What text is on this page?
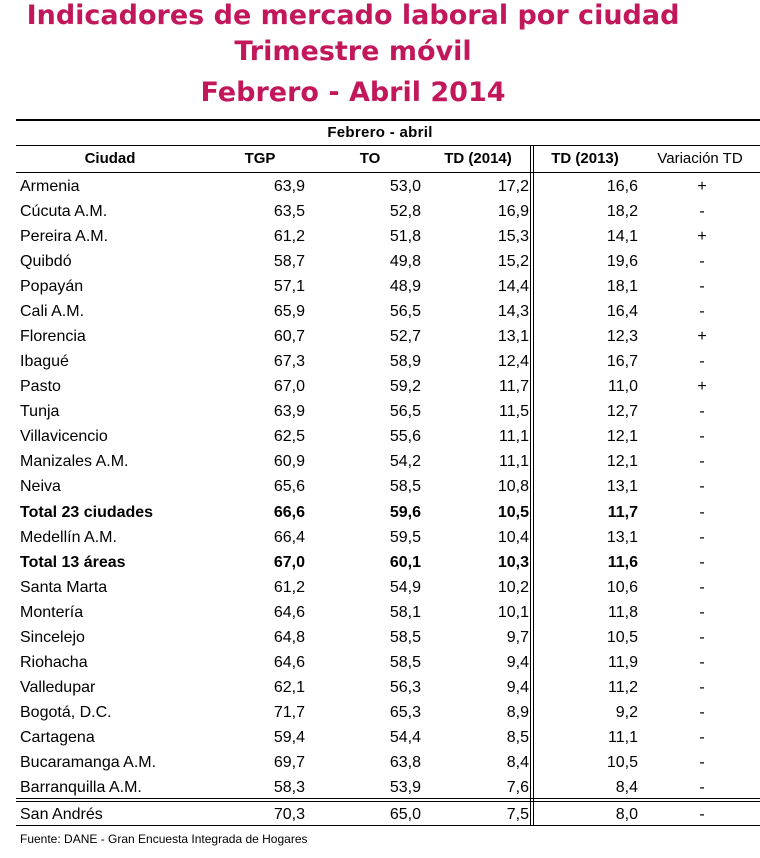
Indicadores de mercado laboral por ciudad
Trimestre móvil
Febrero - Abril 2014
Febrero - abril
Ciudad	TGP	TO	TD (2014)	TD (2013)	Variación TD
Armenia	63,9	53,0	17,2	16,6	+
Cúcuta A.M.	63,5	52,8	16,9	18,2	-
Pereira A.M.	61,2	51,8	15,3	14,1	+
Quibdó	58,7	49,8	15,2	19,6	-
Popayán	57,1	48,9	14,4	18,1	-
Cali A.M.	65,9	56,5	14,3	16,4	-
Florencia	60,7	52,7	13,1	12,3	+
Ibagué	67,3	58,9	12,4	16,7	-
Pasto	67,0	59,2	11,7	11,0	+
Tunja	63,9	56,5	11,5	12,7	-
Villavicencio	62,5	55,6	11,1	12,1	-
Manizales A.M.	60,9	54,2	11,1	12,1	-
Neiva	65,6	58,5	10,8	13,1	-
Total 23 ciudades	66,6	59,6	10,5	11,7	-
Medellín A.M.	66,4	59,5	10,4	13,1	-
Total 13 áreas	67,0	60,1	10,3	11,6	-
Santa Marta	61,2	54,9	10,2	10,6	-
Montería	64,6	58,1	10,1	11,8	-
Sincelejo	64,8	58,5	9,7	10,5	-
Riohacha	64,6	58,5	9,4	11,9	-
Valledupar	62,1	56,3	9,4	11,2	-
Bogotá, D.C.	71,7	65,3	8,9	9,2	-
Cartagena	59,4	54,4	8,5	11,1	-
Bucaramanga A.M.	69,7	63,8	8,4	10,5	-
Barranquilla A.M.	58,3	53,9	7,6	8,4	-
San Andrés	70,3	65,0	7,5	8,0	-
Fuente: DANE - Gran Encuesta Integrada de Hogares
